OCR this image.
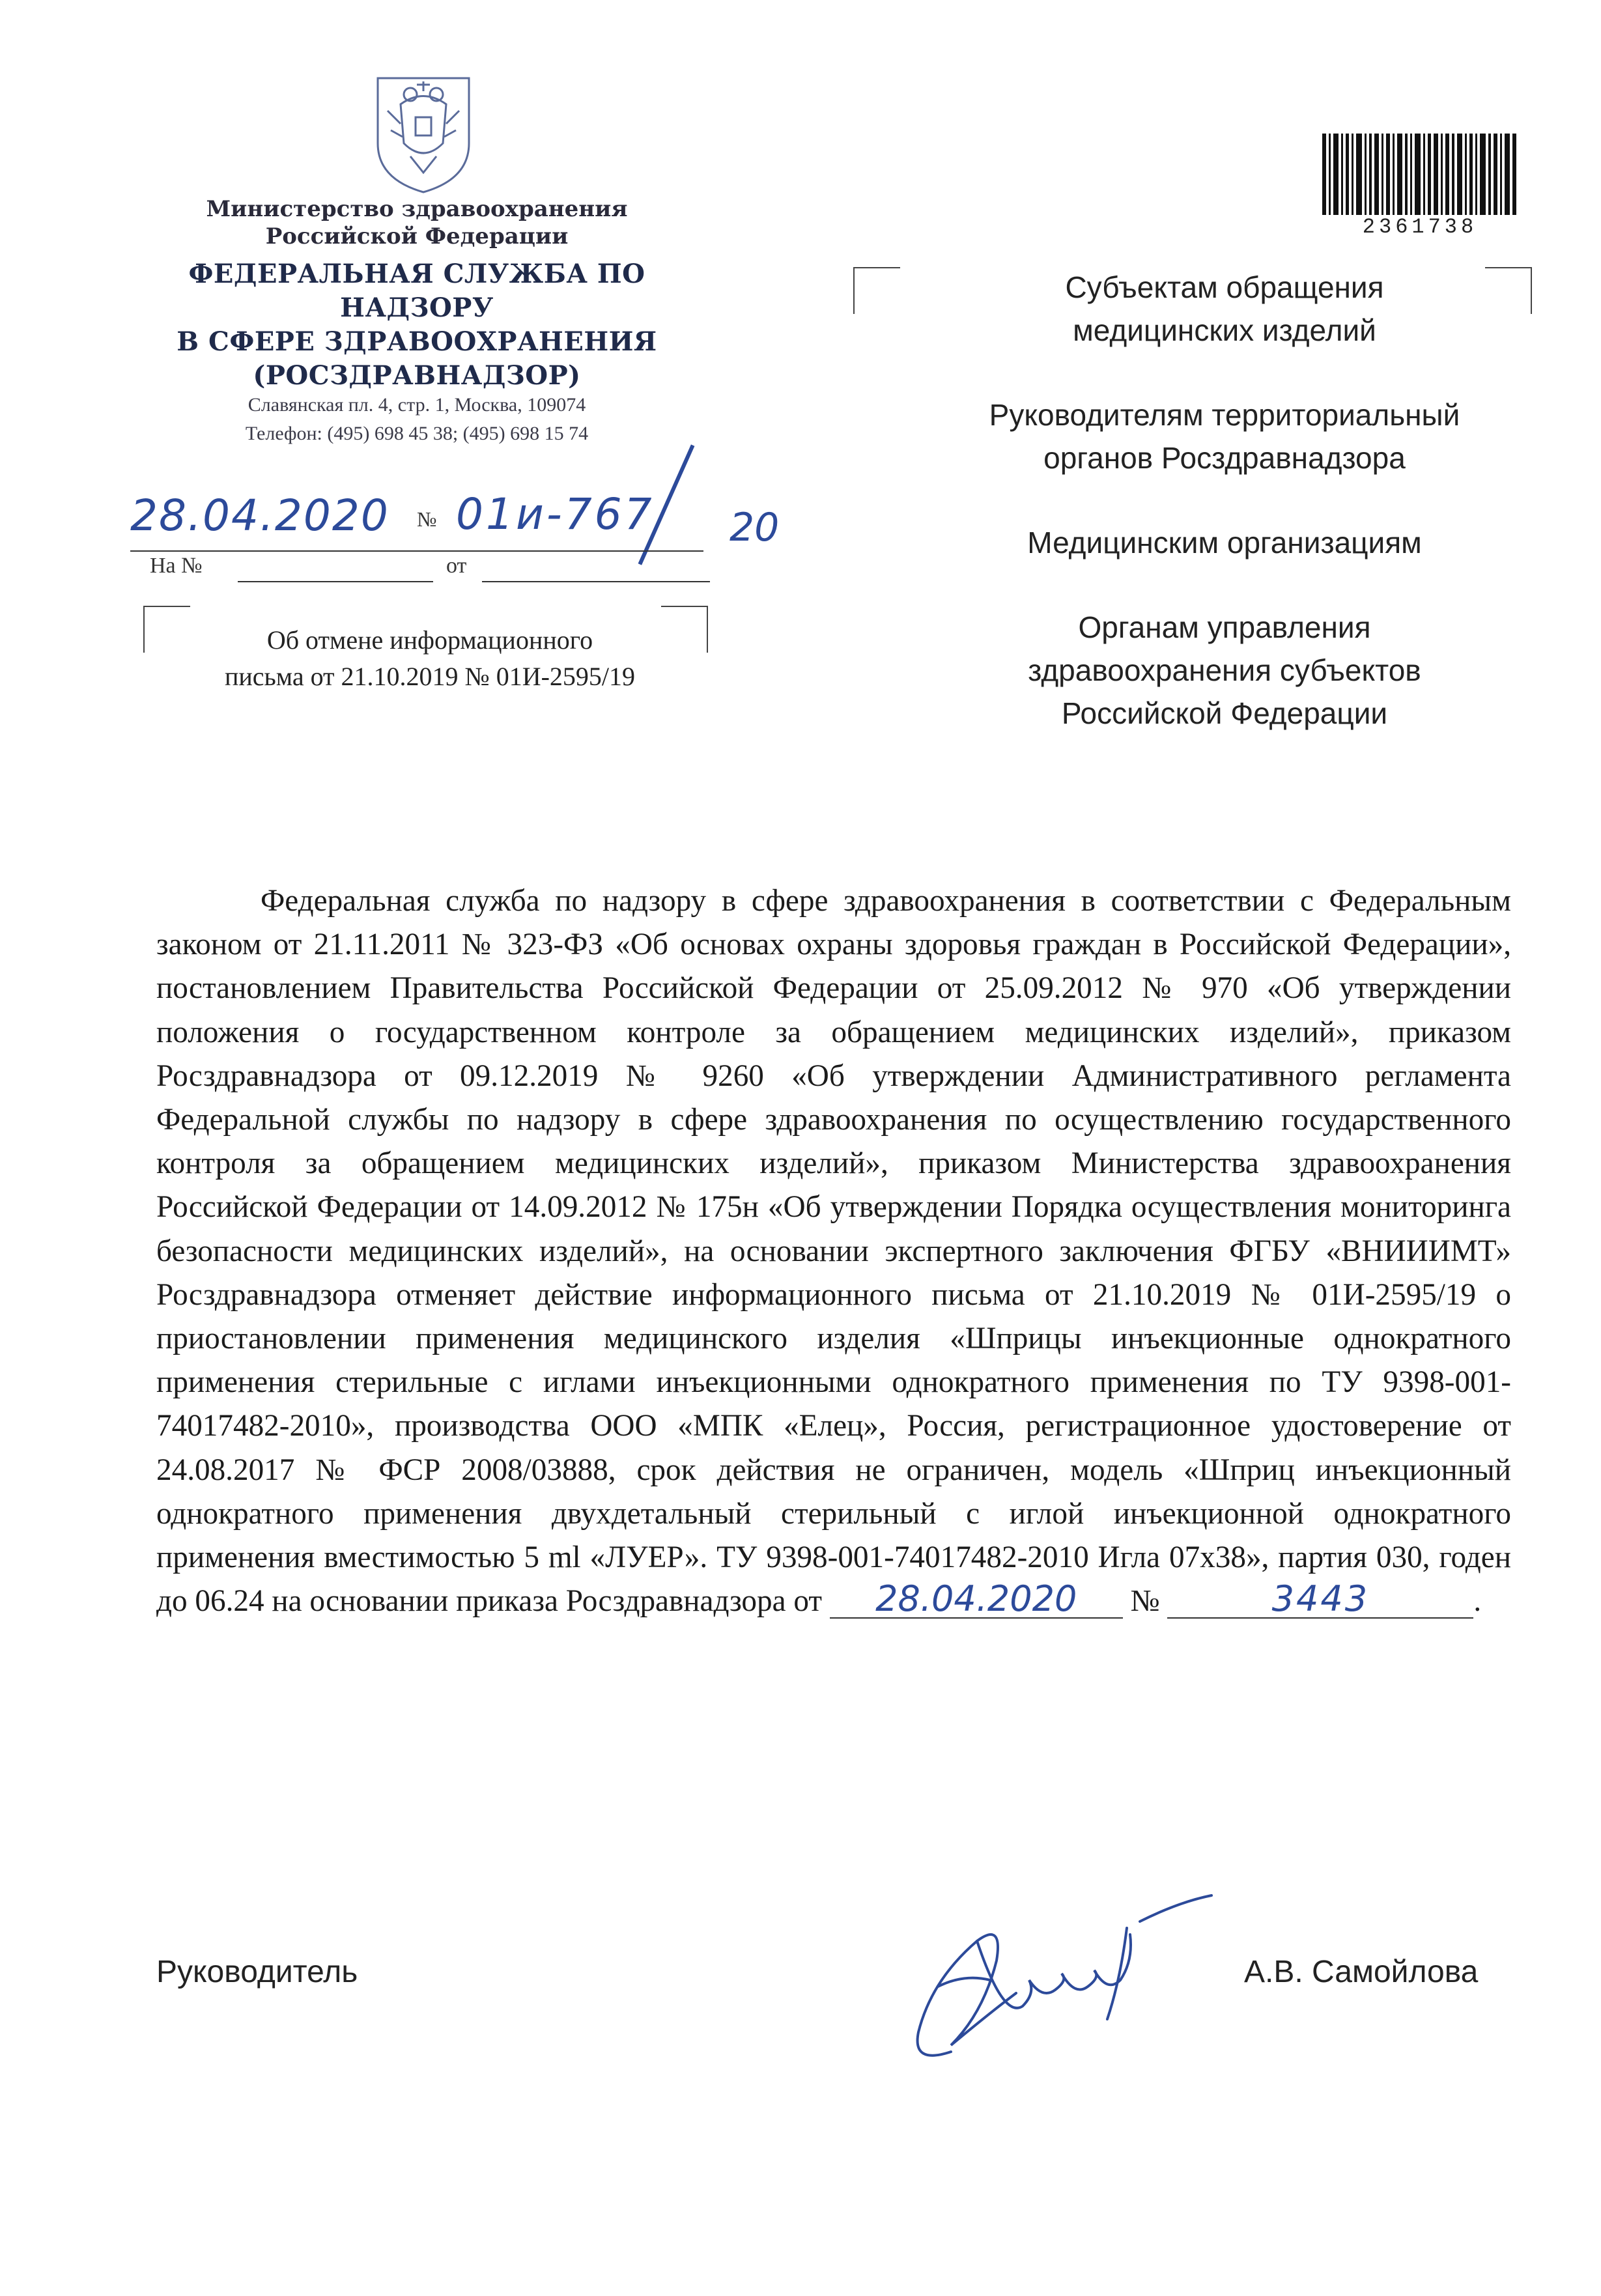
Министерство здравоохранения
Российской Федерации
ФЕДЕРАЛЬНАЯ СЛУЖБА ПО НАДЗОРУ
В СФЕРЕ ЗДРАВООХРАНЕНИЯ
(РОСЗДРАВНАДЗОР)
Славянская пл. 4, стр. 1, Москва, 109074
Телефон: (495) 698 45 38; (495) 698 15 74
28.04.2020 № 01и-767 20
На №	от
Об отмене информационного
письма от 21.10.2019 № 01И-2595/19
2361738

Субъектам обращения
медицинских изделий

Руководителям территориальный
органов Росздравнадзора

Медицинским организациям

Органам управления
здравоохранения субъектов
Российской Федерации

Федеральная служба по надзору в сфере здравоохранения в соответствии с Федеральным законом от 21.11.2011 № 323-ФЗ «Об основах охраны здоровья граждан в Российской Федерации», постановлением Правительства Российской Федерации от 25.09.2012 № 970 «Об утверждении положения о государственном контроле за обращением медицинских изделий», приказом Росздравнадзора от 09.12.2019 № 9260 «Об утверждении Административного регламента Федеральной службы по надзору в сфере здравоохранения по осуществлению государственного контроля за обращением медицинских изделий», приказом Министерства здравоохранения Российской Федерации от 14.09.2012 № 175н «Об утверждении Порядка осуществления мониторинга безопасности медицинских изделий», на основании экспертного заключения ФГБУ «ВНИИИМТ» Росздравнадзора отменяет действие информационного письма от 21.10.2019 № 01И-2595/19 о приостановлении применения медицинского изделия «Шприцы инъекционные однократного применения стерильные с иглами инъекционными однократного применения по ТУ 9398-001-74017482-2010», производства ООО «МПК «Елец», Россия, регистрационное удостоверение от 24.08.2017 № ФСР 2008/03888, срок действия не ограничен, модель «Шприц инъекционный однократного применения двухдетальный стерильный с иглой инъекционной однократного применения вместимостью 5 ml «ЛУЕР». ТУ 9398-001-74017482-2010 Игла 07х38», партия 030, годен до 06.24 на основании приказа Росздравнадзора от 28.04.2020 №	3443	.
Руководитель	А.В. Самойлова
